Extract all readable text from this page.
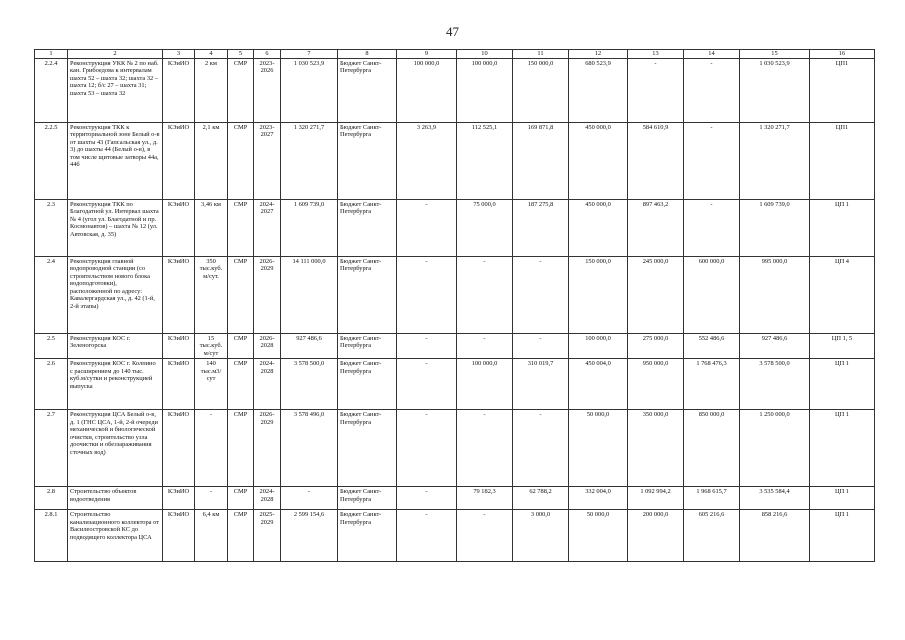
47
1	2	3	4	5	6	7	8	9	10	11	12	13	14	15	16
2.2.4	Реконструкция УКК № 2 по наб. кан. Грибоедова к интервалам шахта 52 – шахта 32; шахта 32 – шахта 12; б/с 27 – шахта 31; шахта 53 – шахта 32	КЭиИО	2 км	СМР	2023-2026	1 030 523,9	Бюджет Санкт-Петербурга	100 000,0	100 000,0	150 000,0	680 523,9	-	-	1 030 523,9	ЦП1
2.2.5	Реконструкция ТКК к территориальной зоне Белый о-в от шахты 43 (Гапсальская ул., д. 3) до шахты 44 (Белый о-в), в том числе щитовые затворы 44а, 44б	КЭиИО	2,1 км	СМР	2023-2027	1 320 271,7	Бюджет Санкт-Петербурга	3 263,9	112 525,1	169 871,8	450 000,0	584 610,9	-	1 320 271,7	ЦП1
2.3	Реконструкция ТКК по Благодатной ул. Интервал шахта № 4 (угол ул. Благодатной и пр. Космонавтов) – шахта № 12 (ул. Автовская, д. 35)	КЭиИО	3,46 км	СМР	2024-2027	1 609 739,0	Бюджет Санкт-Петербурга	-	75 000,0	187 275,8	450 000,0	897 463,2	-	1 609 739,0	ЦП 1
2.4	Реконструкция главной водопроводной станции (со строительством нового блока водоподготовки), расположенной по адресу: Кавалергардская ул., д. 42 (1-й, 2-й этапы)	КЭиИО	350 тыс.куб. м/сут.	СМР	2026-2029	14 111 000,0	Бюджет Санкт-Петербурга	-	-	-	150 000,0	245 000,0	600 000,0	995 000,0	ЦП 4
2.5	Реконструкция КОС г. Зеленогорска	КЭиИО	15 тыс.куб. м/сут	СМР	2026-2028	927 486,6	Бюджет Санкт-Петербурга	-	-	-	100 000,0	275 000,0	552 486,6	927 486,6	ЦП 1, 5
2.6	Реконструкция КОС г. Колпино с расширением до 140 тыс. куб.м/сутки и реконструкцией выпуска	КЭиИО	140 тыс.м3/сут	СМР	2024-2028	3 578 500,0	Бюджет Санкт-Петербурга	-	100 000,0	310 019,7	450 004,0	950 000,0	1 768 476,3	3 578 500,0	ЦП 1
2.7	Реконструкция ЦСА Белый о-в, д. 1 (ГНС ЦСА, 1-й, 2-й очереди механической и биологической очистки, строительство узла доочистки и обеззараживания сточных вод)	КЭиИО	-	СМР	2026-2029	3 578 496,0	Бюджет Санкт-Петербурга	-	-	-	50 000,0	350 000,0	850 000,0	1 250 000,0	ЦП 1
2.8	Строительство объектов водоотведения	КЭиИО	-	СМР	2024-2028	-	Бюджет Санкт-Петербурга	-	79 182,3	62 788,2	332 004,0	1 092 994,2	1 968 615,7	3 535 584,4	ЦП 1
2.8.1	Строительство канализационного коллектора от Василеостровской КС до подводящего коллектора ЦСА	КЭиИО	6,4 км	СМР	2025-2029	2 599 154,6	Бюджет Санкт-Петербурга	-	-	3 000,0	50 000,0	200 000,0	605 216,6	858 216,6	ЦП 1
